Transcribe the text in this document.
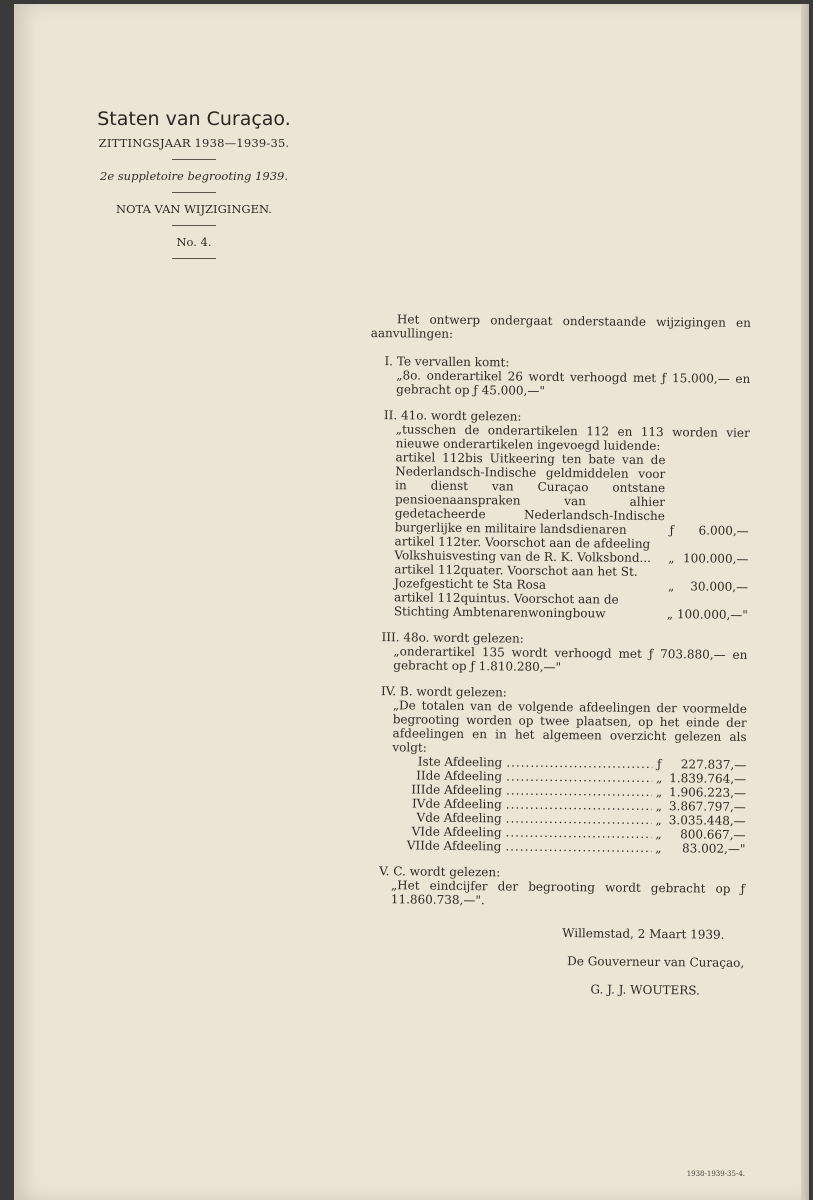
Staten van Curaçao.

ZITTINGSJAAR 1938—1939-35.

2e suppletoire begrooting 1939.

NOTA VAN WIJZIGINGEN.

No. 4.

Het ontwerp ondergaat onderstaande wijzigingen en aanvullingen:

I. Te vervallen komt:
„8o. onderartikel 26 wordt verhoogd met ƒ 15.000,— en gebracht op ƒ 45.000,—"
II. 41o. wordt gelezen:
„tusschen de onderartikelen 112 en 113 worden vier nieuwe onderartikelen ingevoegd luidende:
artikel 112bis Uitkeering ten bate van de Nederlandsch-Indische geldmiddelen voor in dienst van Curaçao ontstane pensioenaanspraken van alhier gedetacheerde Nederlandsch-Indische burgerlijke en militaire landsdienaren	ƒ	6.000,—
artikel 112ter. Voorschot aan de afdeeling Volkshuisvesting van de R. K. Volksbond...	„ 100.000,—
artikel 112quater. Voorschot aan het St. Jozefgesticht te Sta Rosa	„	30.000,—
artikel 112quintus. Voorschot aan de Stichting Ambtenarenwoningbouw	„ 100.000,—"
III. 48o. wordt gelezen:
„onderartikel 135 wordt verhoogd met ƒ 703.880,— en gebracht op ƒ 1.810.280,—"
IV. B. wordt gelezen:
„De totalen van de volgende afdeelingen der voormelde begrooting worden op twee plaatsen, op het einde der afdeelingen en in het algemeen overzicht gelezen als volgt:
Iste Afdeeling .....	ƒ	227.837,—
IIde Afdeeling .....	„ 1.839.764,—
IIIde Afdeeling .....	„ 1.906.223,—
IVde Afdeeling .....	„ 3.867.797,—
Vde Afdeeling .....	„ 3.035.448,—
VIde Afdeeling .....	„	800.667,—
VIIde Afdeeling .....	„	83.002,—"
V. C. wordt gelezen:
„Het eindcijfer der begrooting wordt gebracht op ƒ 11.860.738,—".

Willemstad, 2 Maart 1939.

De Gouverneur van Curaçao,

G. J. J. WOUTERS.

1938-1939-35-4.
